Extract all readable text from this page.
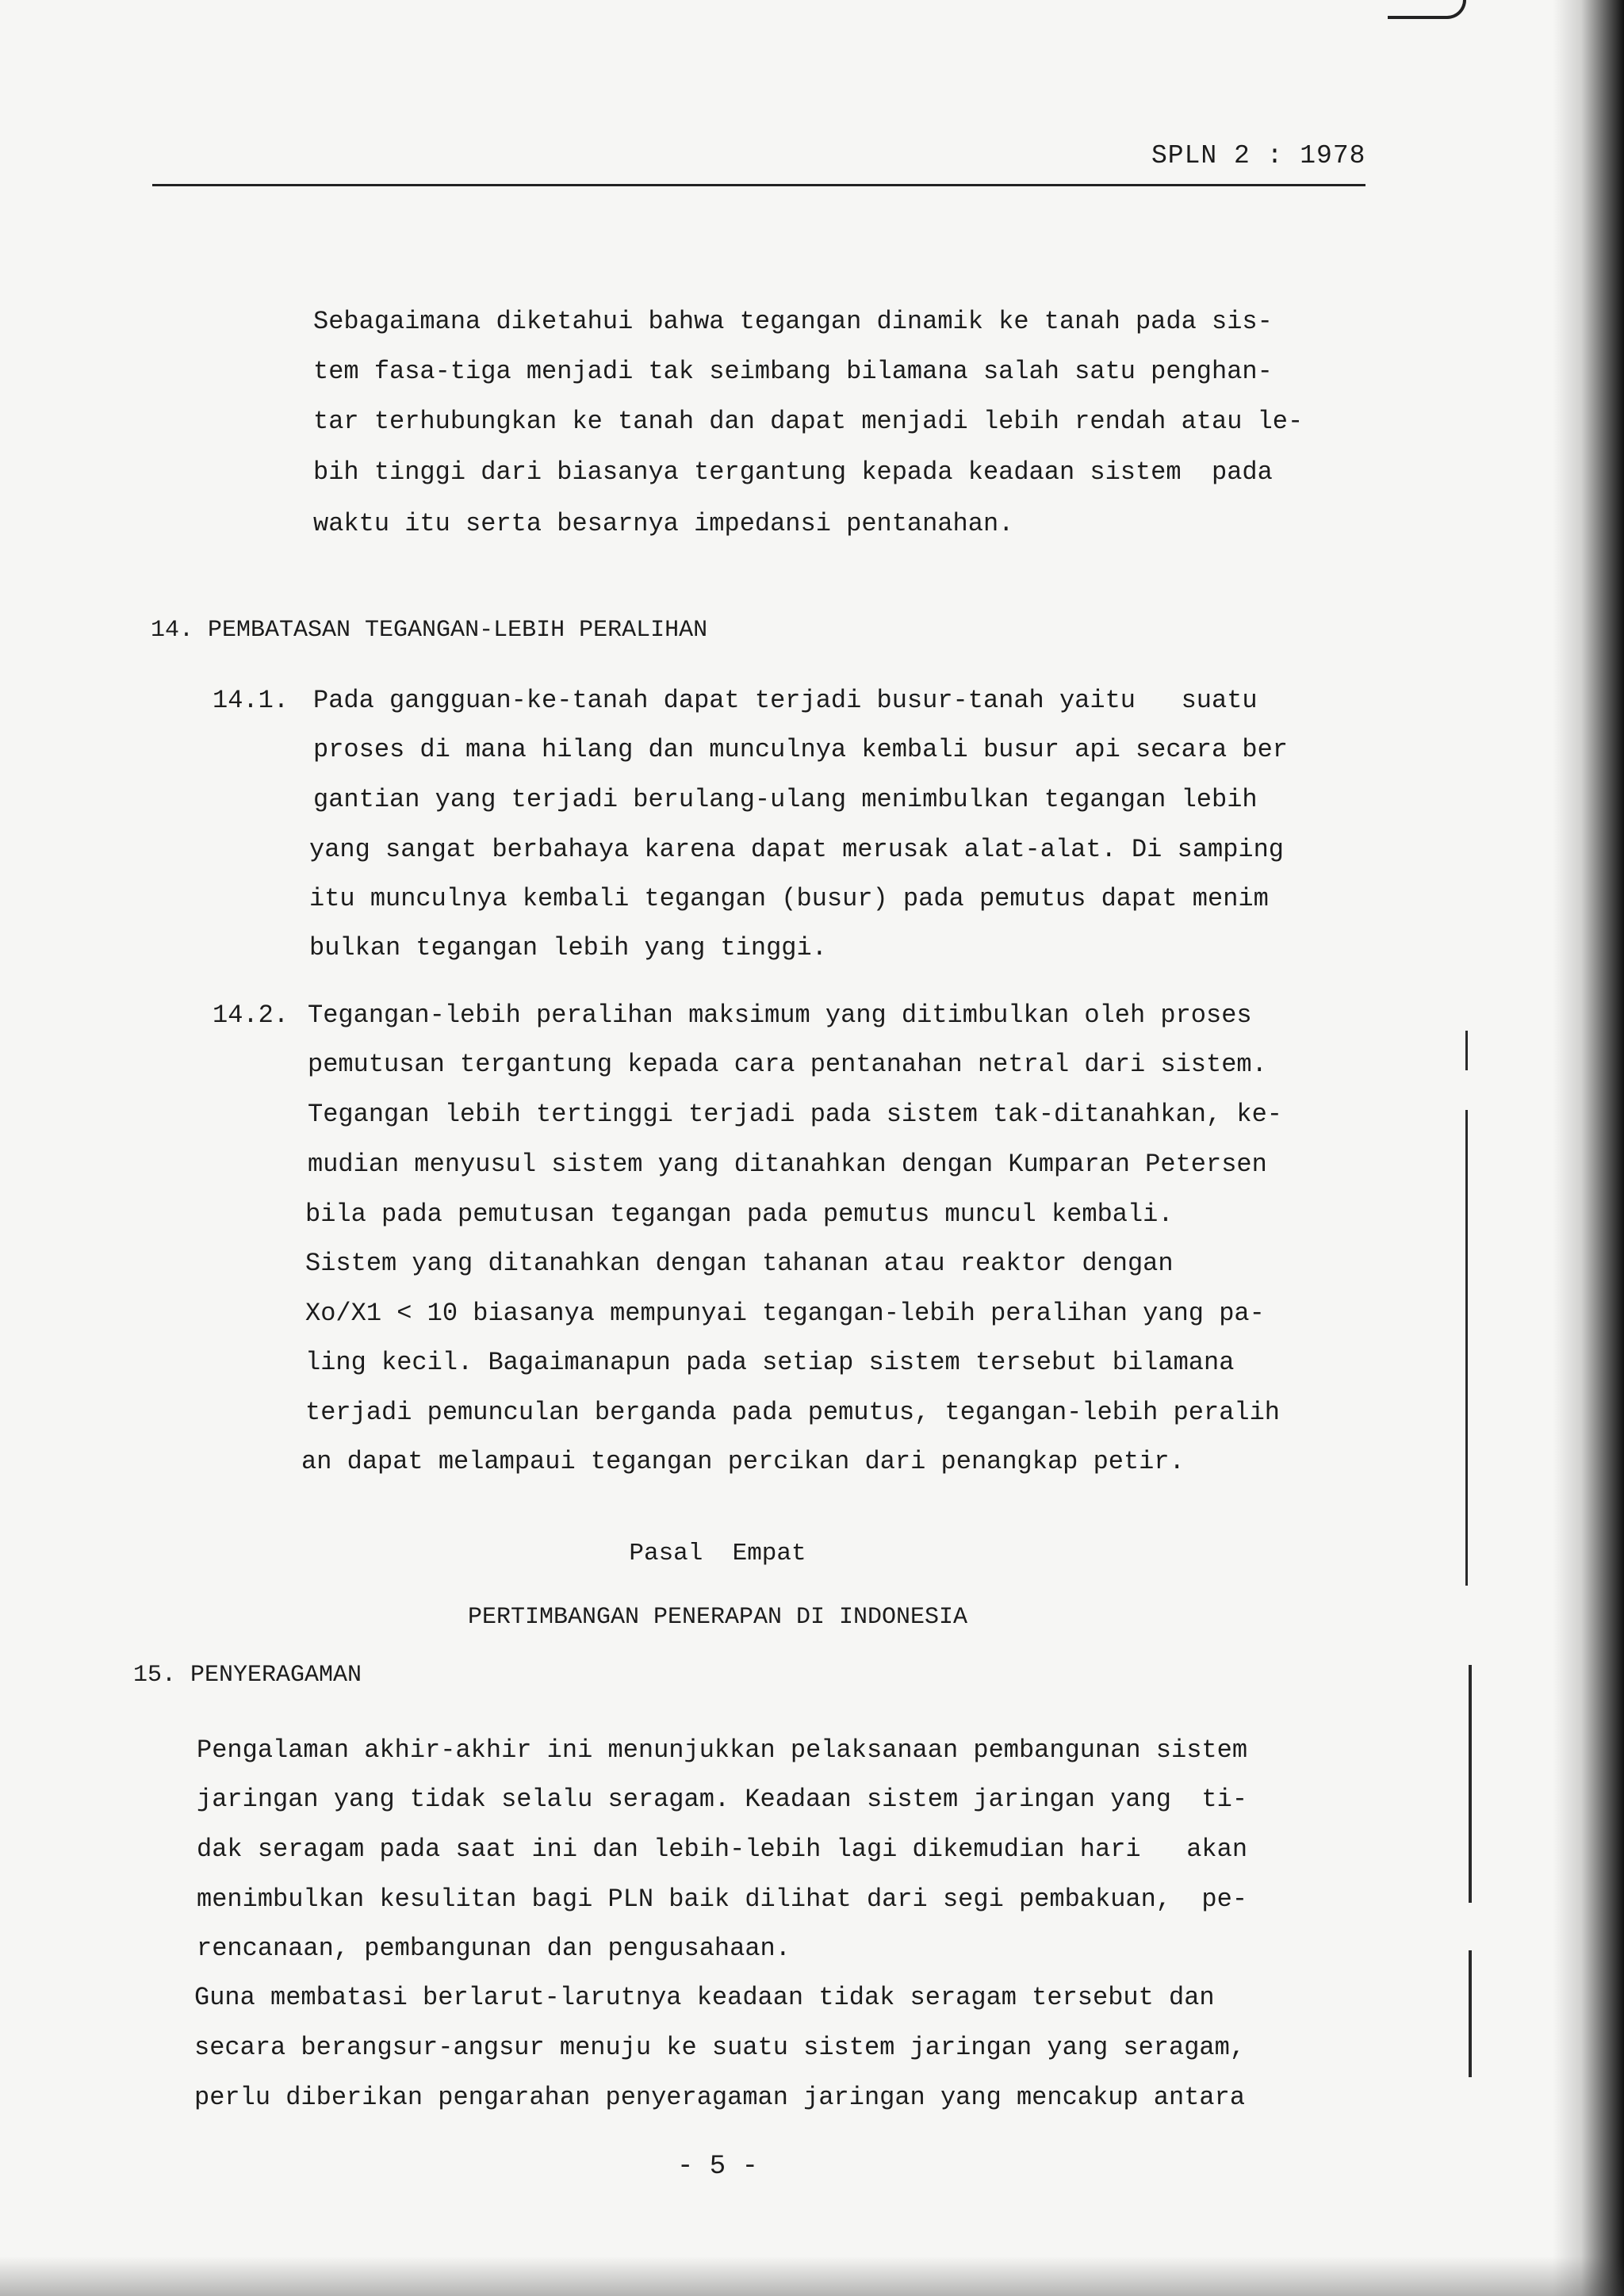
SPLN 2 : 1978
Sebagaimana diketahui bahwa tegangan dinamik ke tanah pada sis-
tem fasa-tiga menjadi tak seimbang bilamana salah satu penghan-
tar terhubungkan ke tanah dan dapat menjadi lebih rendah atau le-
bih tinggi dari biasanya tergantung kepada keadaan sistem  pada
waktu itu serta besarnya impedansi pentanahan.
14. PEMBATASAN TEGANGAN-LEBIH PERALIHAN
14.1. Pada gangguan-ke-tanah dapat terjadi busur-tanah yaitu   suatu
proses di mana hilang dan munculnya kembali busur api secara ber
gantian yang terjadi berulang-ulang menimbulkan tegangan lebih
yang sangat berbahaya karena dapat merusak alat-alat. Di samping
itu munculnya kembali tegangan (busur) pada pemutus dapat menim
bulkan tegangan lebih yang tinggi.
14.2. Tegangan-lebih peralihan maksimum yang ditimbulkan oleh proses
pemutusan tergantung kepada cara pentanahan netral dari sistem.
Tegangan lebih tertinggi terjadi pada sistem tak-ditanahkan, ke-
mudian menyusul sistem yang ditanahkan dengan Kumparan Petersen
bila pada pemutusan tegangan pada pemutus muncul kembali.
Sistem yang ditanahkan dengan tahanan atau reaktor dengan
Xo/X1 < 10 biasanya mempunyai tegangan-lebih peralihan yang pa-
ling kecil. Bagaimanapun pada setiap sistem tersebut bilamana
terjadi pemunculan berganda pada pemutus, tegangan-lebih peralih
an dapat melampaui tegangan percikan dari penangkap petir.
Pasal  Empat
PERTIMBANGAN PENERAPAN DI INDONESIA
15. PENYERAGAMAN
Pengalaman akhir-akhir ini menunjukkan pelaksanaan pembangunan sistem
jaringan yang tidak selalu seragam. Keadaan sistem jaringan yang  ti-
dak seragam pada saat ini dan lebih-lebih lagi dikemudian hari   akan
menimbulkan kesulitan bagi PLN baik dilihat dari segi pembakuan,  pe-
rencanaan, pembangunan dan pengusahaan.
Guna membatasi berlarut-larutnya keadaan tidak seragam tersebut dan
secara berangsur-angsur menuju ke suatu sistem jaringan yang seragam,
perlu diberikan pengarahan penyeragaman jaringan yang mencakup antara
- 5 -
